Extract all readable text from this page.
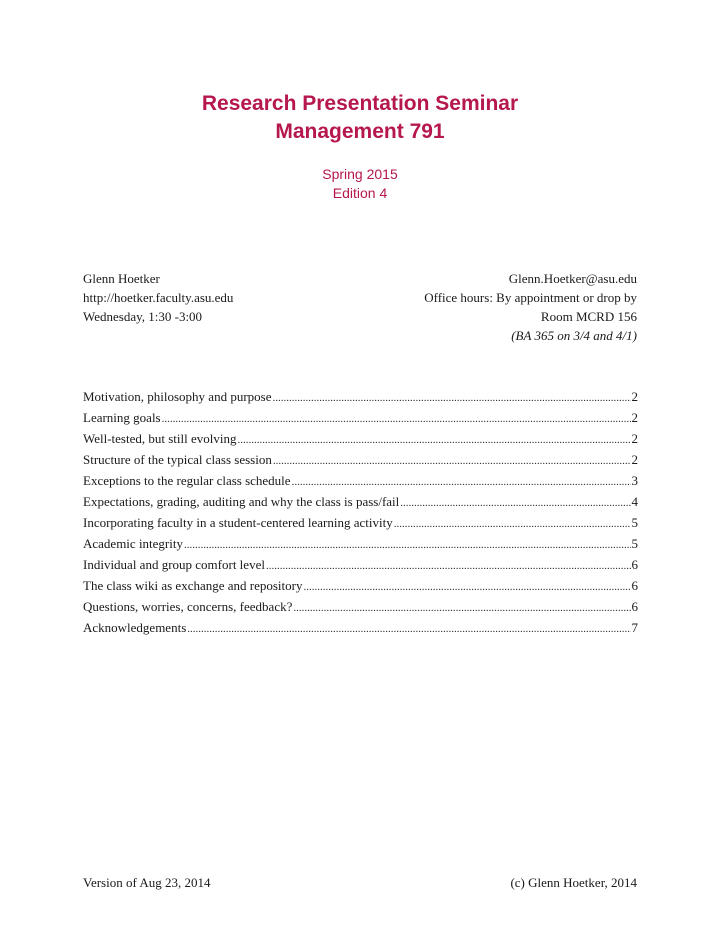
Research Presentation Seminar
Management 791
Spring 2015
Edition 4
Glenn Hoetker
http://hoetker.faculty.asu.edu
Wednesday, 1:30 -3:00
Glenn.Hoetker@asu.edu
Office hours: By appointment or drop by
Room MCRD 156
(BA 365 on 3/4 and 4/1)
Motivation, philosophy and purpose .....	2
Learning goals .....	2
Well-tested, but still evolving .....	2
Structure of the typical class session .....	2
Exceptions to the regular class schedule .....	3
Expectations, grading, auditing and why the class is pass/fail .....	4
Incorporating faculty in a student-centered learning activity .....	5
Academic integrity .....	5
Individual and group comfort level .....	6
The class wiki as exchange and repository .....	6
Questions, worries, concerns, feedback? .....	6
Acknowledgements .....	7
Version of Aug 23, 2014	(c) Glenn Hoetker, 2014
